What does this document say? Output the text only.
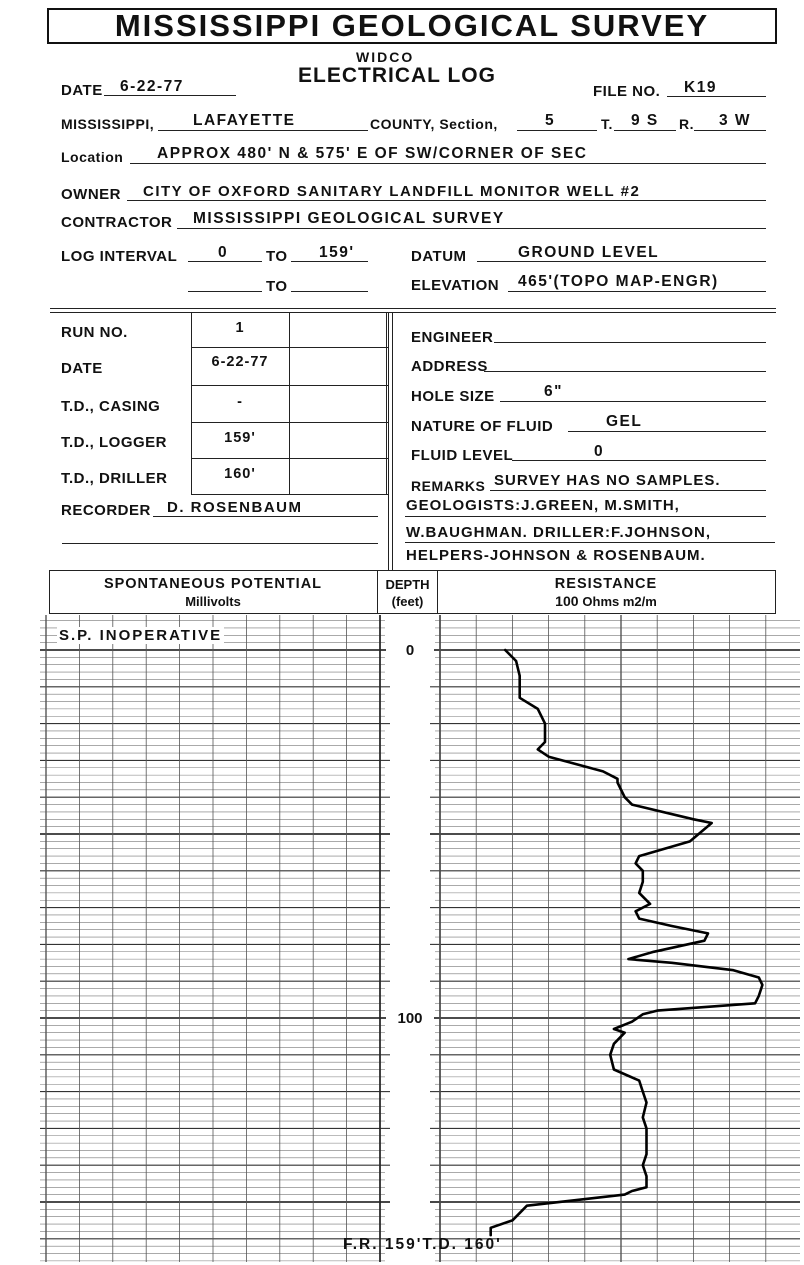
MISSISSIPPI GEOLOGICAL SURVEY
WIDCO
ELECTRICAL LOG
DATE 6-22-77	FILE NO. K19
MISSISSIPPI,	LAFAYETTE	COUNTY, Section,	5	T. 9 S R. 3 W
Location APPROX 480' N & 575' E OF SW/CORNER OF SEC
OWNER CITY OF OXFORD SANITARY LANDFILL MONITOR WELL #2
CONTRACTOR MISSISSIPPI GEOLOGICAL SURVEY
LOG INTERVAL	0	TO 159'
TO
DATUM	GROUND LEVEL
ELEVATION 465'(TOPO MAP-ENGR)
RUN NO.	1
DATE	6-22-77
T.D., CASING	-
T.D., LOGGER	159'
T.D., DRILLER	160'
RECORDER D. ROSENBAUM
ENGINEER
ADDRESS
HOLE SIZE	6"
NATURE OF FLUID	GEL
FLUID LEVEL	0
REMARKS SURVEY HAS NO SAMPLES.
GEOLOGISTS:J.GREEN, M.SMITH,
W.BAUGHMAN. DRILLER:F.JOHNSON,
HELPERS-JOHNSON & ROSENBAUM.
SPONTANEOUS POTENTIAL
Millivolts
DEPTH
(feet)
RESISTANCE
100 Ohms m2/m
0
100
S.P. INOPERATIVE
F.R. 159'T.D. 160'
